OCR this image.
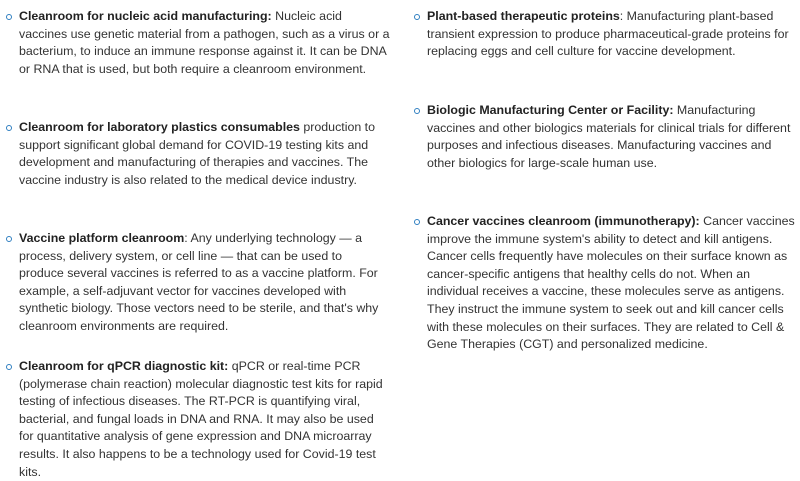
Cleanroom for nucleic acid manufacturing: Nucleic acid vaccines use genetic material from a pathogen, such as a virus or a bacterium, to induce an immune response against it. It can be DNA or RNA that is used, but both require a cleanroom environment.
Cleanroom for laboratory plastics consumables production to support significant global demand for COVID-19 testing kits and development and manufacturing of therapies and vaccines. The vaccine industry is also related to the medical device industry.
Vaccine platform cleanroom: Any underlying technology — a process, delivery system, or cell line — that can be used to produce several vaccines is referred to as a vaccine platform. For example, a self-adjuvant vector for vaccines developed with synthetic biology. Those vectors need to be sterile, and that's why cleanroom environments are required.
Cleanroom for qPCR diagnostic kit: qPCR or real-time PCR (polymerase chain reaction) molecular diagnostic test kits for rapid testing of infectious diseases. The RT-PCR is quantifying viral, bacterial, and fungal loads in DNA and RNA. It may also be used for quantitative analysis of gene expression and DNA microarray results. It also happens to be a technology used for Covid-19 test kits.
Plant-based therapeutic proteins: Manufacturing plant-based transient expression to produce pharmaceutical-grade proteins for replacing eggs and cell culture for vaccine development.
Biologic Manufacturing Center or Facility: Manufacturing vaccines and other biologics materials for clinical trials for different purposes and infectious diseases. Manufacturing vaccines and other biologics for large-scale human use.
Cancer vaccines cleanroom (immunotherapy): Cancer vaccines improve the immune system's ability to detect and kill antigens. Cancer cells frequently have molecules on their surface known as cancer-specific antigens that healthy cells do not. When an individual receives a vaccine, these molecules serve as antigens. They instruct the immune system to seek out and kill cancer cells with these molecules on their surfaces. They are related to Cell & Gene Therapies (CGT) and personalized medicine.
